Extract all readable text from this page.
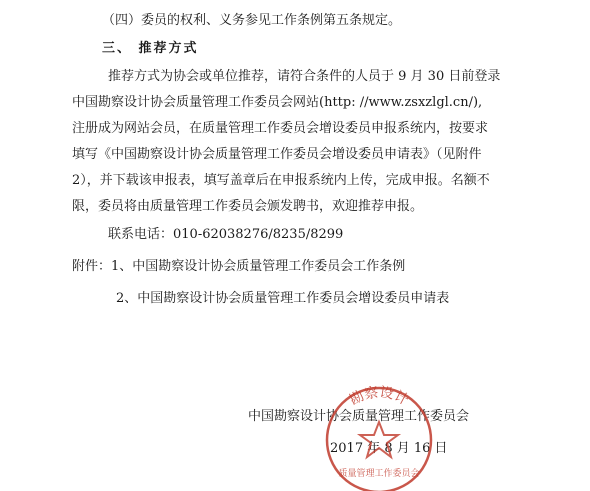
（四）委员的权利、义务参见工作条例第五条规定。
三、 推荐方式
推荐方式为协会或单位推荐，请符合条件的人员于 9 月 30 日前登录
中国勘察设计协会质量管理工作委员会网站(http: //www.zsxzlgl.cn/),
注册成为网站会员，在质量管理工作委员会增设委员申报系统内，按要求
填写《中国勘察设计协会质量管理工作委员会增设委员申请表》（见附件
2），并下载该申报表，填写盖章后在申报系统内上传，完成申报。名额不
限，委员将由质量管理工作委员会颁发聘书，欢迎推荐申报。
联系电话：010-62038276/8235/8299
附件：1、中国勘察设计协会质量管理工作委员会工作条例
2、中国勘察设计协会质量管理工作委员会增设委员申请表
中国勘察设计协会质量管理工作委员会
2017 年 8 月 16 日
勘察设计
质量管理工作委员会
